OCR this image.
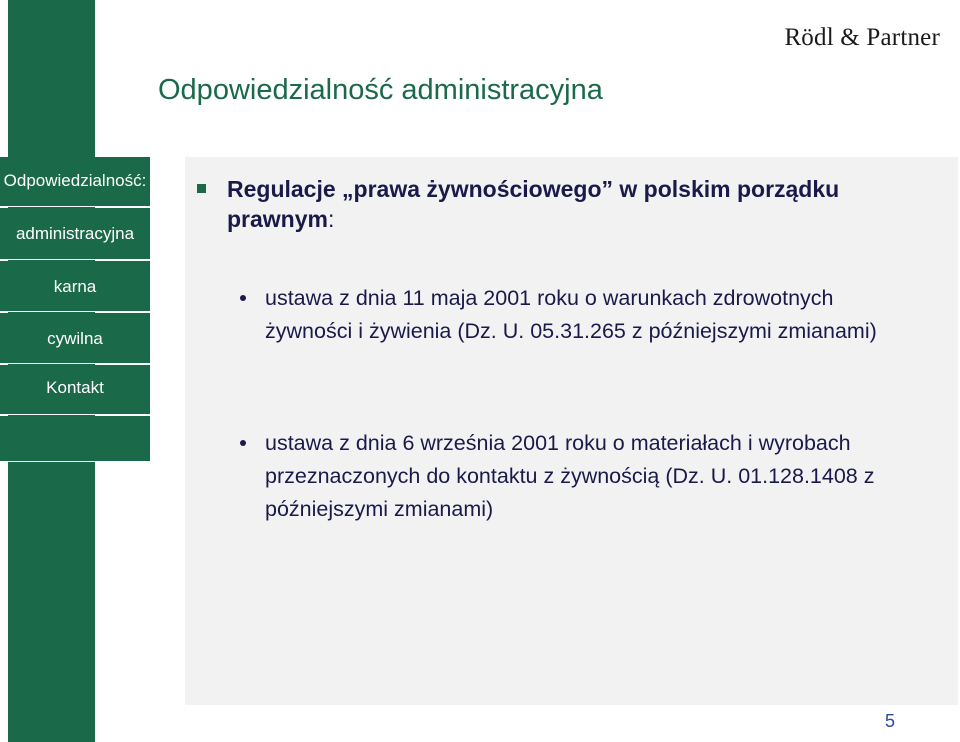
Rödl & Partner
Odpowiedzialność administracyjna
Odpowiedzialność:
administracyjna
karna
cywilna
Kontakt
Regulacje „prawa żywnościowego” w polskim porządku prawnym:
ustawa z dnia 11 maja 2001 roku o warunkach zdrowotnych żywności i żywienia (Dz. U. 05.31.265 z późniejszymi zmianami)
ustawa z dnia 6 września 2001 roku o materiałach i wyrobach przeznaczonych do kontaktu z żywnością (Dz. U. 01.128.1408 z późniejszymi zmianami)
5
